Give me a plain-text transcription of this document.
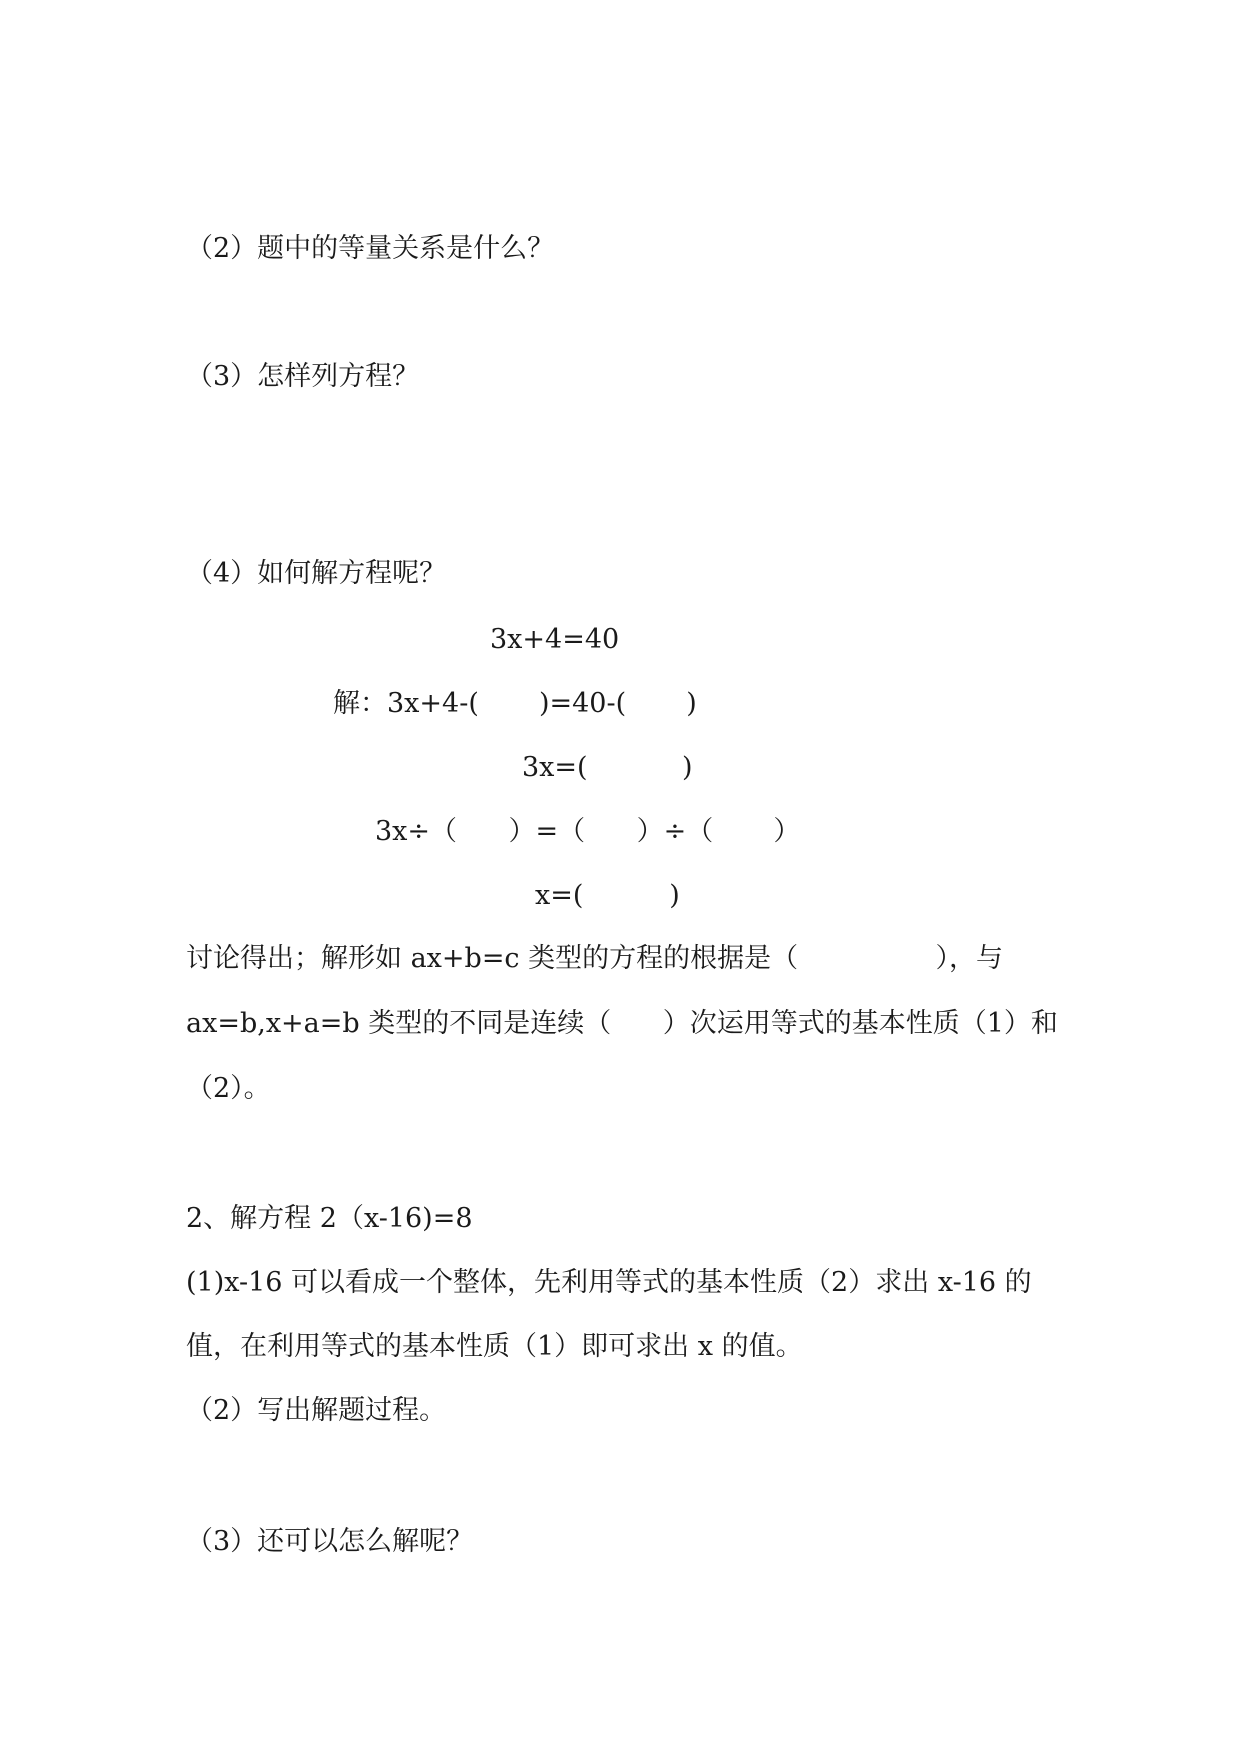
（2）题中的等量关系是什么？
（3）怎样列方程？
（4）如何解方程呢？
3x+4=40
解：3x+4-(       )=40-(       )
3x=(           )
3x÷（      ）=（      ）÷（       ）
x=(          )
讨论得出；解形如 ax+b=c 类型的方程的根据是（                ），与
ax=b,x+a=b 类型的不同是连续（      ）次运用等式的基本性质（1）和
（2）。
2、解方程 2（x-16)=8
(1)x-16 可以看成一个整体，先利用等式的基本性质（2）求出 x-16 的
值，在利用等式的基本性质（1）即可求出 x 的值。
（2）写出解题过程。
（3）还可以怎么解呢？
